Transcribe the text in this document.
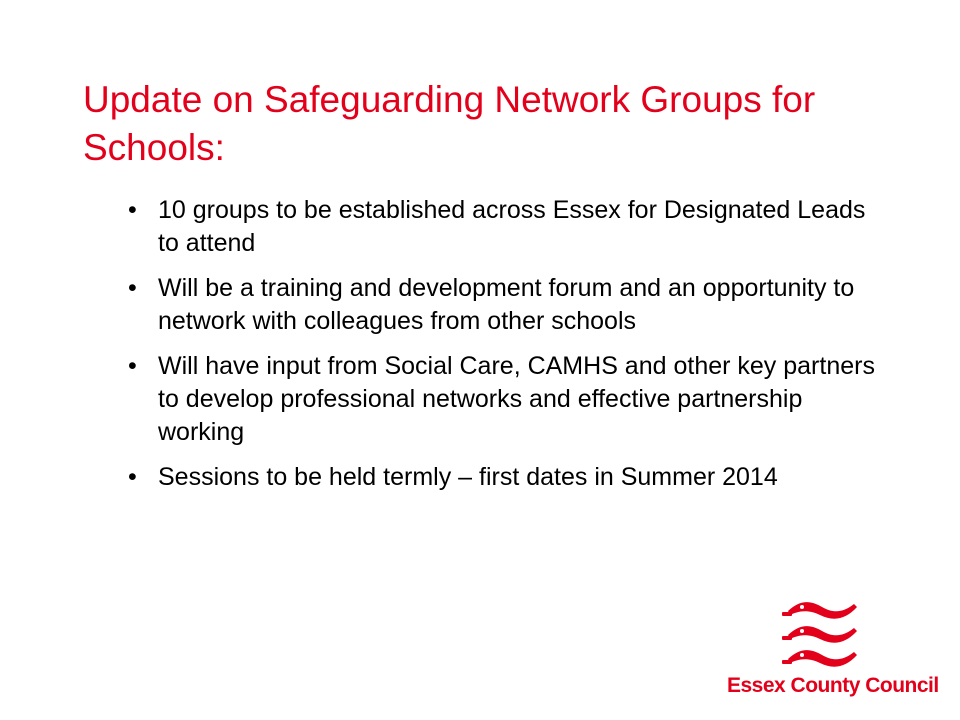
Update on Safeguarding Network Groups for Schools:
• 10 groups to be established across Essex for Designated Leads to attend
• Will be a training and development forum and an opportunity to network with colleagues from other schools
• Will have input from Social Care, CAMHS and other key partners to develop professional networks and effective partnership working
• Sessions to be held termly – first dates in Summer 2014
Essex County Council
